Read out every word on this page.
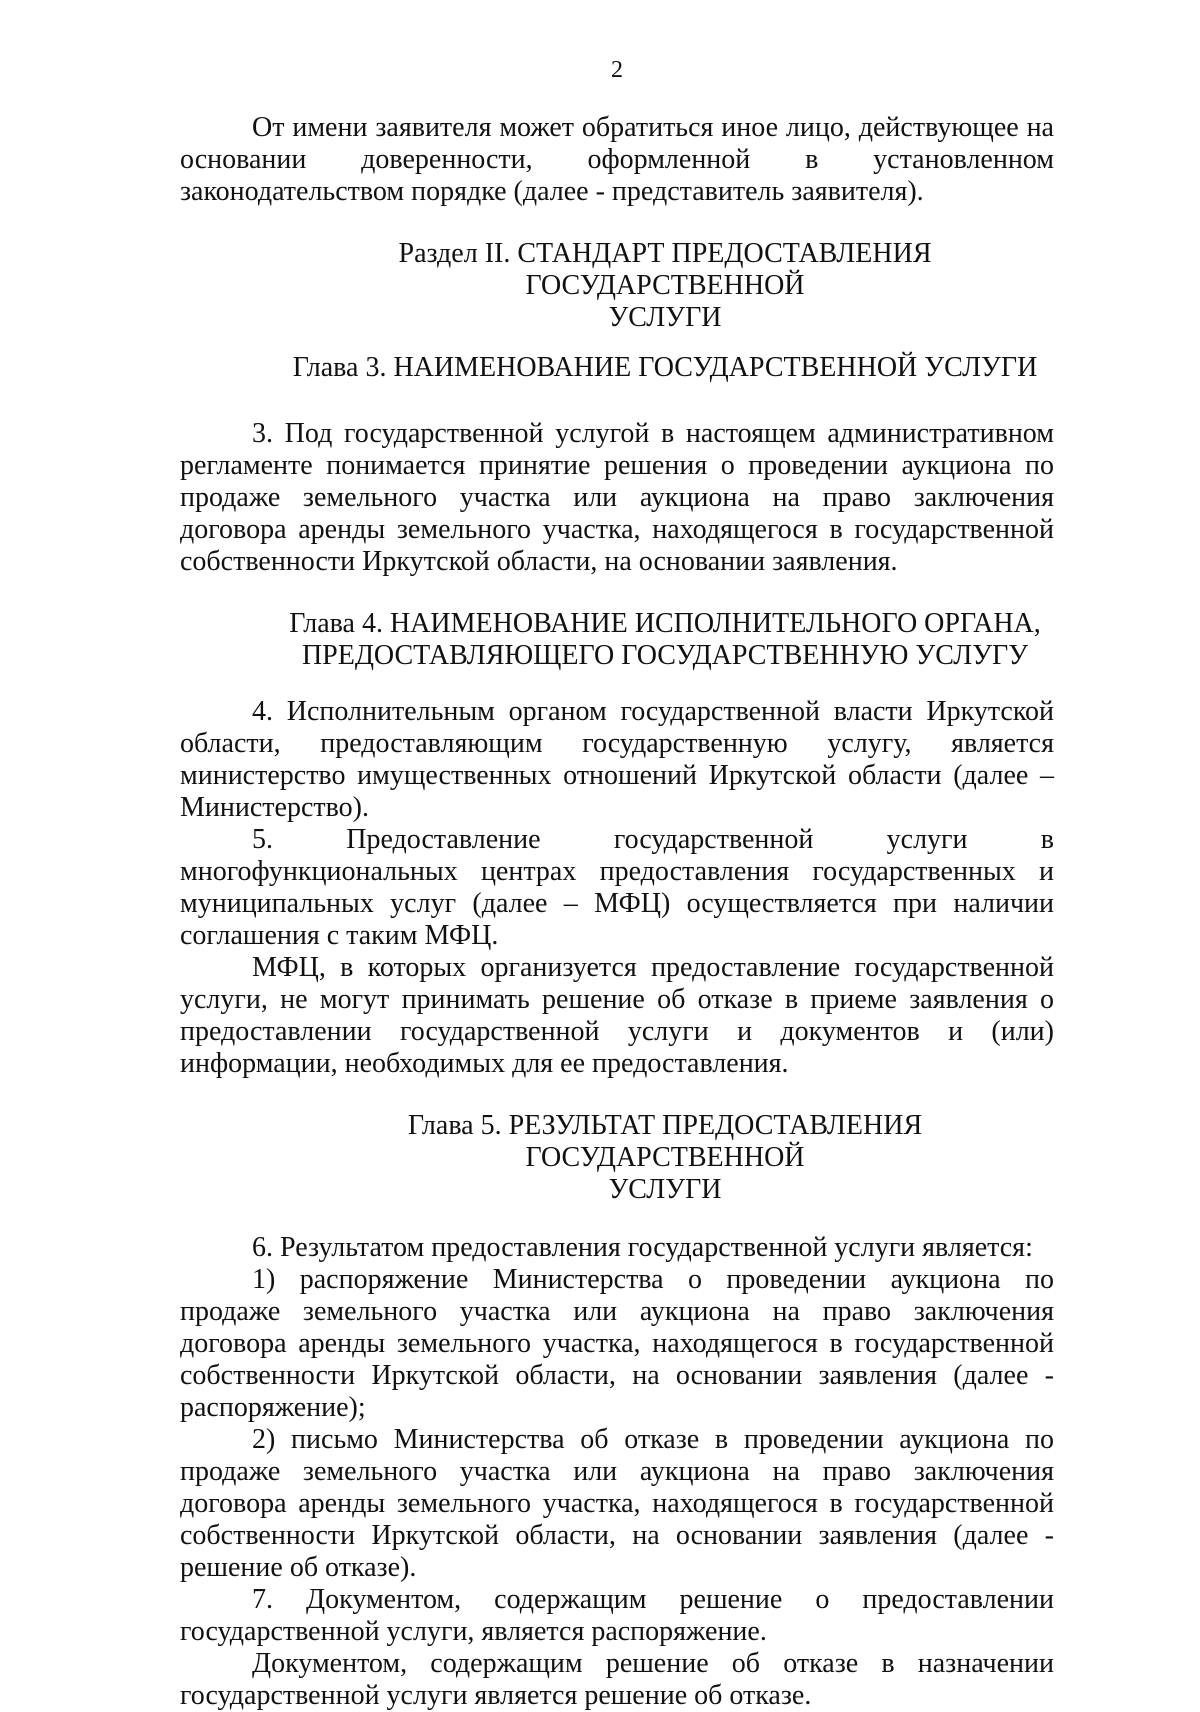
2

От имени заявителя может обратиться иное лицо, действующее на основании доверенности, оформленной в установленном законодательством порядке (далее - представитель заявителя).

Раздел II. СТАНДАРТ ПРЕДОСТАВЛЕНИЯ ГОСУДАРСТВЕННОЙ
УСЛУГИ
Глава 3. НАИМЕНОВАНИЕ ГОСУДАРСТВЕННОЙ УСЛУГИ

3. Под государственной услугой в настоящем административном регламенте понимается принятие решения о проведении аукциона по продаже земельного участка или аукциона на право заключения договора аренды земельного участка, находящегося в государственной собственности Иркутской области, на основании заявления.

Глава 4. НАИМЕНОВАНИЕ ИСПОЛНИТЕЛЬНОГО ОРГАНА,
ПРЕДОСТАВЛЯЮЩЕГО ГОСУДАРСТВЕННУЮ УСЛУГУ

4. Исполнительным органом государственной власти Иркутской области, предоставляющим государственную услугу, является министерство имущественных отношений Иркутской области (далее – Министерство).

5. Предоставление государственной услуги в многофункциональных центрах предоставления государственных и муниципальных услуг (далее – МФЦ) осуществляется при наличии соглашения с таким МФЦ.

МФЦ, в которых организуется предоставление государственной услуги, не могут принимать решение об отказе в приеме заявления о предоставлении государственной услуги и документов и (или) информации, необходимых для ее предоставления.

Глава 5. РЕЗУЛЬТАТ ПРЕДОСТАВЛЕНИЯ ГОСУДАРСТВЕННОЙ
УСЛУГИ

6. Результатом предоставления государственной услуги является:

1) распоряжение Министерства о проведении аукциона по продаже земельного участка или аукциона на право заключения договора аренды земельного участка, находящегося в государственной собственности Иркутской области, на основании заявления (далее - распоряжение);

2) письмо Министерства об отказе в проведении аукциона по продаже земельного участка или аукциона на право заключения договора аренды земельного участка, находящегося в государственной собственности Иркутской области, на основании заявления (далее - решение об отказе).

7. Документом, содержащим решение о предоставлении государственной услуги, является распоряжение.

Документом, содержащим решение об отказе в назначении государственной услуги является решение об отказе.
